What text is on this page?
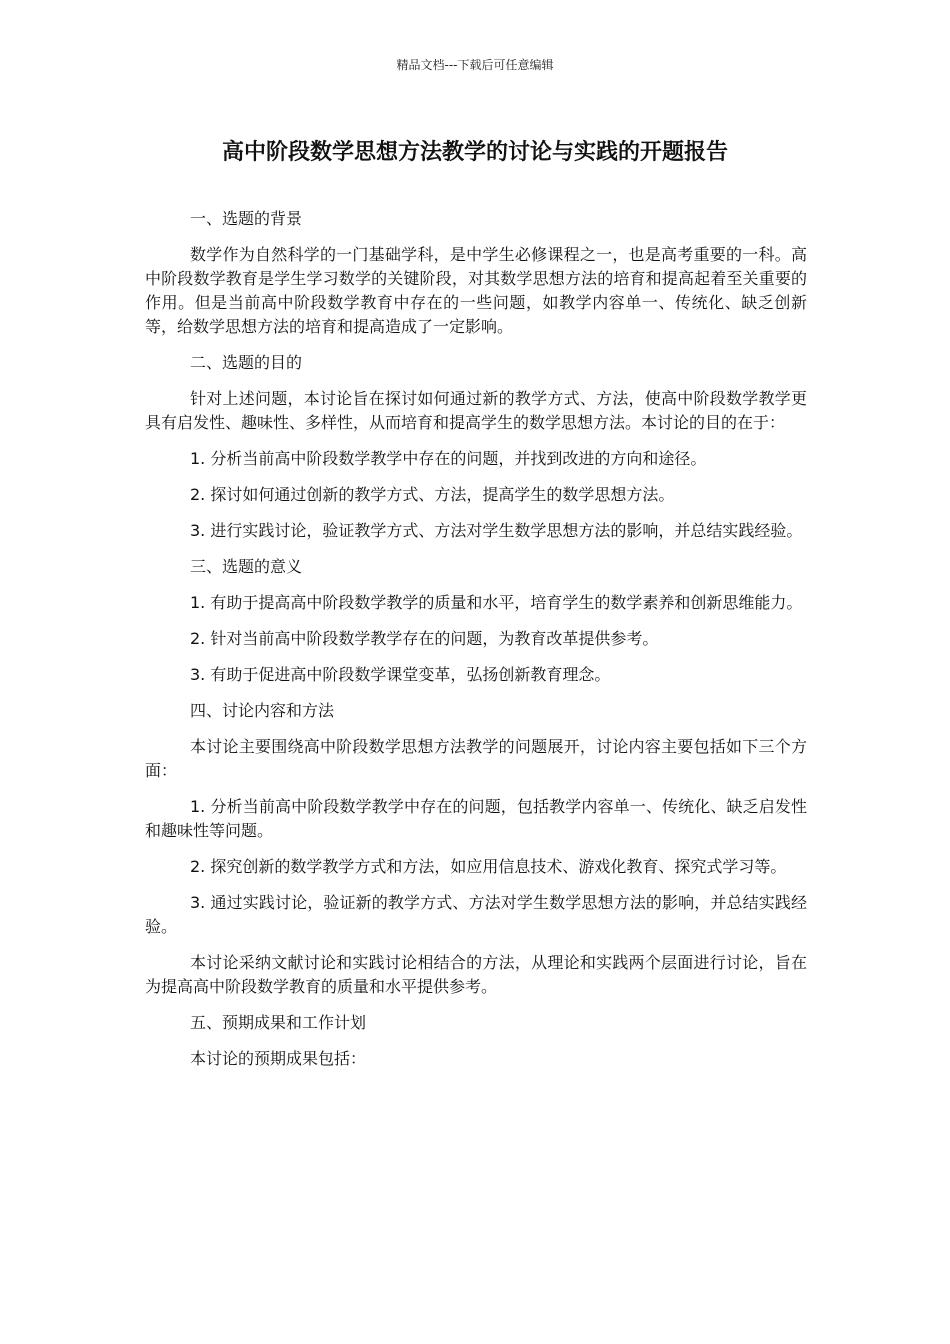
精品文档---下载后可任意编辑
高中阶段数学思想方法教学的讨论与实践的开题报告

一、选题的背景

数学作为自然科学的一门基础学科，是中学生必修课程之一，也是高考重要的一科。高中阶段数学教育是学生学习数学的关键阶段，对其数学思想方法的培育和提高起着至关重要的作用。但是当前高中阶段数学教育中存在的一些问题，如教学内容单一、传统化、缺乏创新等，给数学思想方法的培育和提高造成了一定影响。

二、选题的目的

针对上述问题，本讨论旨在探讨如何通过新的教学方式、方法，使高中阶段数学教学更具有启发性、趣味性、多样性，从而培育和提高学生的数学思想方法。本讨论的目的在于：

1. 分析当前高中阶段数学教学中存在的问题，并找到改进的方向和途径。

2. 探讨如何通过创新的教学方式、方法，提高学生的数学思想方法。

3. 进行实践讨论，验证教学方式、方法对学生数学思想方法的影响，并总结实践经验。

三、选题的意义

1. 有助于提高高中阶段数学教学的质量和水平，培育学生的数学素养和创新思维能力。

2. 针对当前高中阶段数学教学存在的问题，为教育改革提供参考。

3. 有助于促进高中阶段数学课堂变革，弘扬创新教育理念。

四、讨论内容和方法

本讨论主要围绕高中阶段数学思想方法教学的问题展开，讨论内容主要包括如下三个方面：

1. 分析当前高中阶段数学教学中存在的问题，包括教学内容单一、传统化、缺乏启发性和趣味性等问题。

2. 探究创新的数学教学方式和方法，如应用信息技术、游戏化教育、探究式学习等。

3. 通过实践讨论，验证新的教学方式、方法对学生数学思想方法的影响，并总结实践经验。

本讨论采纳文献讨论和实践讨论相结合的方法，从理论和实践两个层面进行讨论，旨在为提高高中阶段数学教育的质量和水平提供参考。

五、预期成果和工作计划

本讨论的预期成果包括：
